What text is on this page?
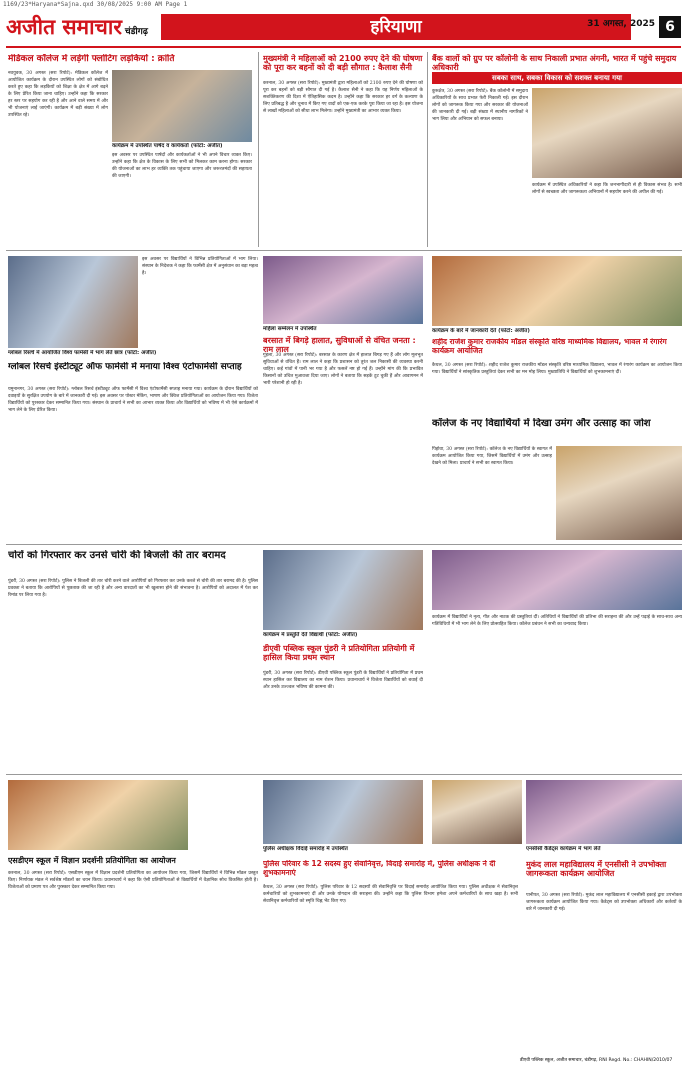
1169/23*Haryana*Sajna.qxd 30/08/2025 9:00 AM Page 1
अजीत समाचार चंडीगढ़	हरियाणा	31 अगस्त, 2025 6
मेडिकल कॉलेज में लड़ेगी फ्लोटिंग लड़कियों : क्रांति

नवयुवक, 30 अगस्त (सरा रिपोर्ट): मेडिकल कॉलेज में आयोजित कार्यक्रम के दौरान उपस्थित लोगों को संबोधित करते हुए कहा कि लड़कियों को शिक्षा के क्षेत्र में आगे बढ़ने के लिए प्रेरित किया जाना चाहिए। उन्होंने कहा कि सरकार हर स्तर पर सहयोग कर रही है और आने वाले समय में और भी योजनाएं लाई जाएंगी। कार्यक्रम में बड़ी संख्या में लोग उपस्थित रहे।

कार्यक्रम में उपस्थित पार्षद व कार्यकर्ता (फोटो: अजीत)

इस अवसर पर उपस्थित पार्षदों और कार्यकर्ताओं ने भी अपने विचार व्यक्त किए। उन्होंने कहा कि क्षेत्र के विकास के लिए सभी को मिलकर काम करना होगा। सरकार की योजनाओं का लाभ हर व्यक्ति तक पहुंचाया जाएगा और जरूरतमंदों की सहायता की जाएगी।

मुख्यमंत्री ने महिलाओं को 2100 रुपए देने की घोषणा को पूरा कर बहनों को दी बड़ी सौगात : कैलाश सैनी

करनाल, 30 अगस्त (सरा रिपोर्ट): मुख्यमंत्री द्वारा महिलाओं को 2100 रुपए देने की घोषणा को पूरा कर बहनों को बड़ी सौगात दी गई है। कैलाश सैनी ने कहा कि यह निर्णय महिलाओं के सशक्तिकरण की दिशा में ऐतिहासिक कदम है। उन्होंने कहा कि सरकार हर वर्ग के कल्याण के लिए प्रतिबद्ध है और चुनाव में किए गए वादों को एक-एक करके पूरा किया जा रहा है। इस योजना से लाखों महिलाओं को सीधा लाभ मिलेगा। उन्होंने मुख्यमंत्री का आभार व्यक्त किया।

बैंक वालों को ग्रुप पर कॉलोनी के साथ निकाली प्रभात अंगनी, भारत में पहुंचे समुदाय अधिकारी
सबका साथ, सबका विकास को सशक्त बनाया गया

कुरुक्षेत्र, 30 अगस्त (सरा रिपोर्ट): बैंक कॉलोनी में समुदाय अधिकारियों के साथ प्रभात फेरी निकाली गई। इस दौरान लोगों को जागरूक किया गया और सरकार की योजनाओं की जानकारी दी गई। बड़ी संख्या में स्थानीय नागरिकों ने भाग लिया और अभियान को सफल बनाया।

कार्यक्रम में उपस्थित अधिकारियों ने कहा कि जनभागीदारी से ही विकास संभव है। सभी लोगों से स्वच्छता और जागरूकता अभियानों में सहयोग करने की अपील की गई।

ग्लोबल रिसर्च में आयोजित विश्व फार्मेसी में भाग लेते छात्र (फोटो: अजीत)
ग्लोबल रिसर्च इंस्टीट्यूट ऑफ फार्मेसी में मनाया विश्व एंटोफार्मेसी सप्ताह

इस अवसर पर विद्यार्थियों ने विभिन्न प्रतियोगिताओं में भाग लिया। संस्थान के निदेशक ने कहा कि फार्मेसी क्षेत्र में अनुसंधान का बड़ा महत्व है।

यमुनानगर, 30 अगस्त (सरा रिपोर्ट): ग्लोबल रिसर्च इंस्टीट्यूट ऑफ फार्मेसी में विश्व एंटोफार्मेसी सप्ताह मनाया गया। कार्यक्रम के दौरान विद्यार्थियों को दवाइयों के सुरक्षित उपयोग के बारे में जानकारी दी गई। इस अवसर पर पोस्टर मेकिंग, भाषण और क्विज प्रतियोगिताओं का आयोजन किया गया। विजेता विद्यार्थियों को पुरस्कार देकर सम्मानित किया गया। संस्थान के प्राचार्य ने सभी का आभार व्यक्त किया और विद्यार्थियों को भविष्य में भी ऐसे कार्यक्रमों में भाग लेने के लिए प्रेरित किया।

महिला सम्मेलन में उपस्थित
बरसात में बिगड़े हालात, सुविधाओं से वंचित जनता : राम लाल

गुहला, 30 अगस्त (सरा रिपोर्ट): बरसात के कारण क्षेत्र में हालात बिगड़ गए हैं और लोग मूलभूत सुविधाओं से वंचित हैं। राम लाल ने कहा कि प्रशासन को तुरंत जल निकासी की व्यवस्था करनी चाहिए। कई गांवों में पानी भर गया है और फसलें नष्ट हो गई हैं। उन्होंने मांग की कि प्रभावित किसानों को उचित मुआवजा दिया जाए। लोगों ने बताया कि सड़कें टूट चुकी हैं और आवागमन में भारी परेशानी हो रही है।

कार्यक्रम के बारे में जानकारी देते (फोटो: अजीत)
शहीद राजेश कुमार राजकीय मॉडल संस्कृति वरिष्ठ माध्यमिक विद्यालय, भावल में रंगारंग कार्यक्रम आयोजित

कैथल, 30 अगस्त (सरा रिपोर्ट): शहीद राजेश कुमार राजकीय मॉडल संस्कृति वरिष्ठ माध्यमिक विद्यालय, भावल में रंगारंग कार्यक्रम का आयोजन किया गया। विद्यार्थियों ने सांस्कृतिक प्रस्तुतियां देकर सभी का मन मोह लिया। मुख्यातिथि ने विद्यार्थियों को शुभकामनाएं दीं।

कॉलेज के नए विद्यार्थियों में दिखा उमंग और उत्साह का जोश

पिहोवा, 30 अगस्त (सरा रिपोर्ट): कॉलेज के नए विद्यार्थियों के स्वागत में कार्यक्रम आयोजित किया गया, जिसमें विद्यार्थियों में उमंग और उत्साह देखने को मिला। प्राचार्य ने सभी का स्वागत किया।

चोरों को गिरफ्तार कर उनसे चोरी की बिजली की तार बरामद

पुंडरी, 30 अगस्त (सरा रिपोर्ट): पुलिस ने बिजली की तार चोरी करने वाले आरोपियों को गिरफ्तार कर उनके कब्जे से चोरी की तार बरामद की है। पुलिस प्रवक्ता ने बताया कि आरोपियों से पूछताछ की जा रही है और अन्य वारदातों का भी खुलासा होने की संभावना है। आरोपियों को अदालत में पेश कर रिमांड पर लिया गया है।

कार्यक्रम में प्रस्तुति देते विद्यार्थी (फोटो: अजीत)
डीएवी पब्लिक स्कूल पुंडरी ने प्रतियोगिता प्रतियोगी में हासिल किया प्रथम स्थान

पुंडरी, 30 अगस्त (सरा रिपोर्ट): डीएवी पब्लिक स्कूल पुंडरी के विद्यार्थियों ने प्रतियोगिता में प्रथम स्थान हासिल कर विद्यालय का नाम रोशन किया। प्रधानाचार्य ने विजेता विद्यार्थियों को बधाई दी और उनके उज्ज्वल भविष्य की कामना की।

कार्यक्रम में विद्यार्थियों ने नृत्य, गीत और नाटक की प्रस्तुतियां दीं। अतिथियों ने विद्यार्थियों की प्रतिभा की सराहना की और उन्हें पढ़ाई के साथ-साथ अन्य गतिविधियों में भी भाग लेने के लिए प्रोत्साहित किया। कॉलेज प्रबंधन ने सभी का धन्यवाद किया।

एसडीएम स्कूल में विज्ञान प्रदर्शनी प्रतियोगिता का आयोजन

करनाल, 30 अगस्त (सरा रिपोर्ट): एसडीएम स्कूल में विज्ञान प्रदर्शनी प्रतियोगिता का आयोजन किया गया, जिसमें विद्यार्थियों ने विभिन्न मॉडल प्रस्तुत किए। निर्णायक मंडल ने सर्वश्रेष्ठ मॉडलों का चयन किया। प्रधानाचार्य ने कहा कि ऐसी प्रतियोगिताओं से विद्यार्थियों में वैज्ञानिक सोच विकसित होती है। विजेताओं को प्रमाण पत्र और पुरस्कार देकर सम्मानित किया गया।

पुलिस अधीक्षक विदाई समारोह में उपस्थित
पुलिस परिवार के 12 सदस्य हुए सेवानिवृत्त, विदाई समारोह में, पुलिस अधीक्षक ने दी शुभकामनाएं

कैथल, 30 अगस्त (सरा रिपोर्ट): पुलिस परिवार के 12 सदस्यों की सेवानिवृत्ति पर विदाई समारोह आयोजित किया गया। पुलिस अधीक्षक ने सेवानिवृत्त कर्मचारियों को शुभकामनाएं दीं और उनके योगदान की सराहना की। उन्होंने कहा कि पुलिस विभाग हमेशा अपने कर्मचारियों के साथ खड़ा है। सभी सेवानिवृत्त कर्मचारियों को स्मृति चिह्न भेंट किए गए।

एनसीसी कैडेट्स कार्यक्रम में भाग लेते
मुकंद लाल महाविद्यालय में एनसीसी ने उपभोक्ता जागरूकता कार्यक्रम आयोजित

पानीपत, 30 अगस्त (सरा रिपोर्ट): मुकंद लाल महाविद्यालय में एनसीसी इकाई द्वारा उपभोक्ता जागरूकता कार्यक्रम आयोजित किया गया। कैडेट्स को उपभोक्ता अधिकारों और कर्तव्यों के बारे में जानकारी दी गई।

डीएवी पब्लिक स्कूल, अजीत समाचार, चंडीगढ़, RNI Regd. No.: CHAHIN/2010/07
